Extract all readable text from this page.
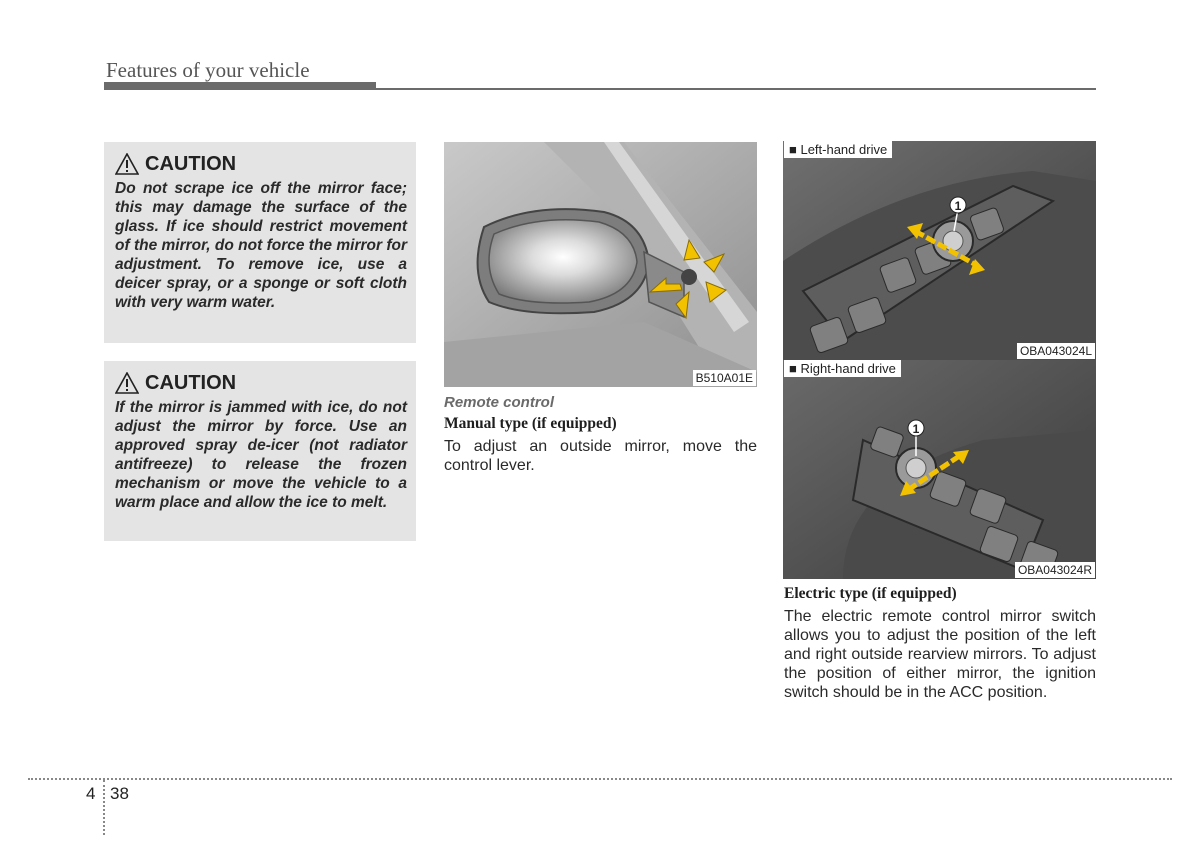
Features of your vehicle
CAUTION
Do not scrape ice off the mirror face; this may damage the surface of the glass. If ice should restrict movement of the mirror, do not force the mirror for adjustment. To remove ice, use a deicer spray, or a sponge or soft cloth with very warm water.
CAUTION
If the mirror is jammed with ice, do not adjust the mirror by force. Use an approved spray de-icer (not radiator antifreeze) to release the frozen mechanism or move the vehicle to a warm place and allow the ice to melt.
B510A01E
Remote control
Manual type (if equipped)
To adjust an outside mirror, move the control lever.
1
■ Left-hand drive
OBA043024L
1
■ Right-hand drive
OBA043024R
Electric type (if equipped)
The electric remote control mirror switch allows you to adjust the position of the left and right outside rearview mirrors. To adjust the position of either mirror, the ignition switch should be in the ACC position.
4 38
